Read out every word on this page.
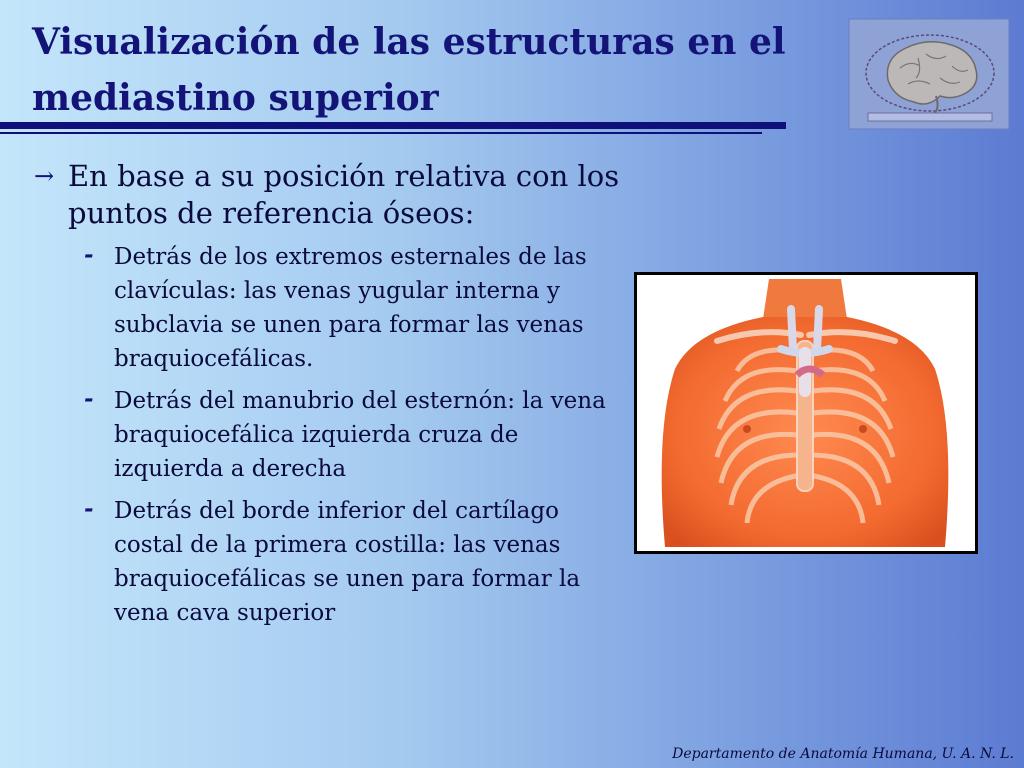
Visualización de las estructuras en el mediastino superior
→ En base a su posición relativa con los puntos de referencia óseos:
- Detrás de los extremos esternales de las clavículas: las venas yugular interna y subclavia se unen para formar las venas braquiocefálicas.
- Detrás del manubrio del esternón: la vena braquiocefálica izquierda cruza de izquierda a derecha
- Detrás del borde inferior del cartílago costal de la primera costilla: las venas braquiocefálicas se unen para formar la vena cava superior
Departamento de Anatomía Humana, U. A. N. L.
